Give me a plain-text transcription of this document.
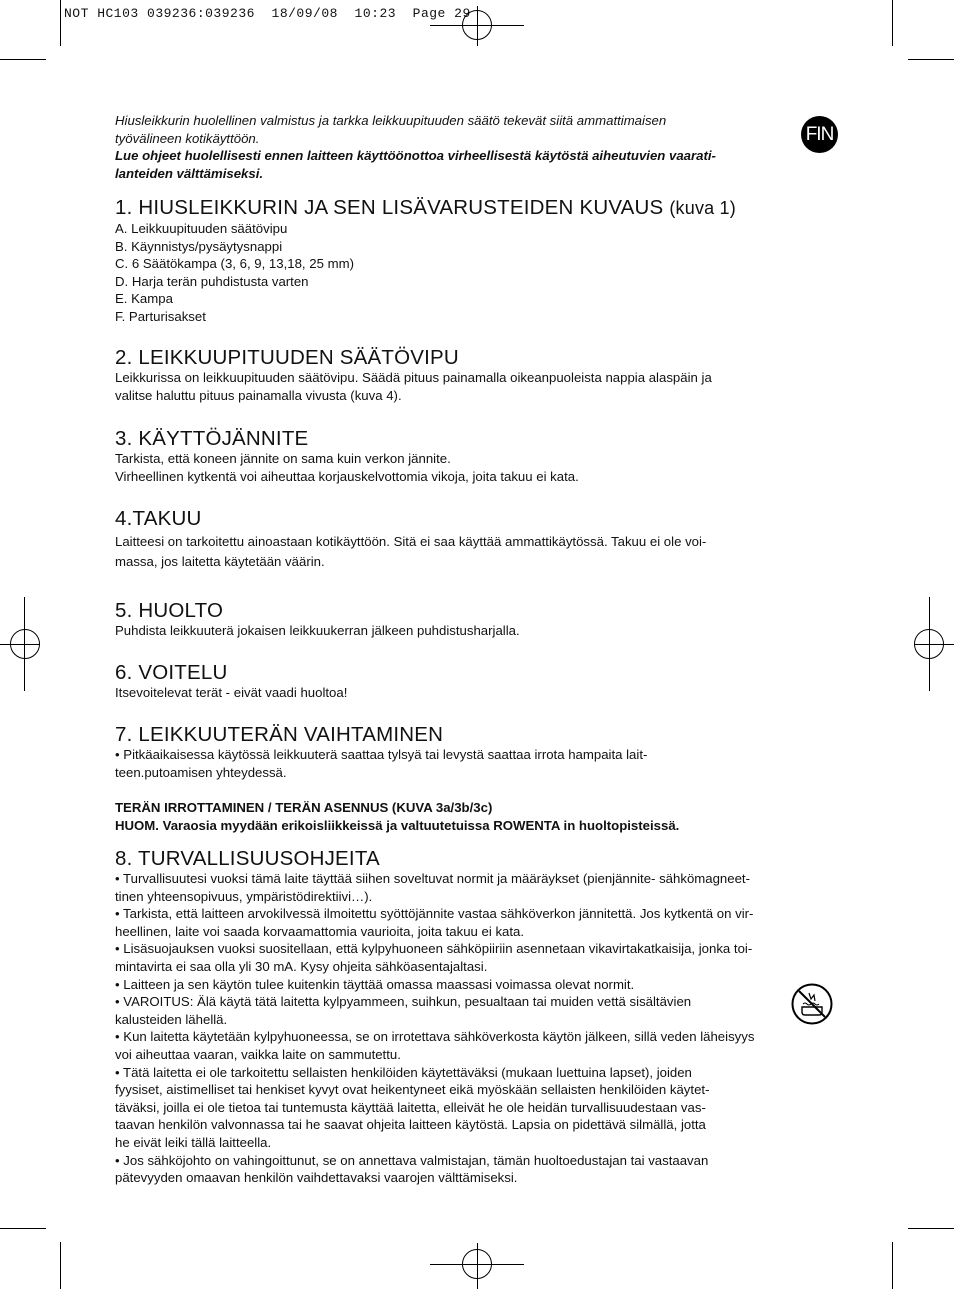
NOT HC103 039236:039236  18/09/08  10:23  Page 29
FIN
Hiusleikkurin huolellinen valmistus ja tarkka leikkuupituuden säätö tekevät siitä ammattimaisen
työvälineen kotikäyttöön.
Lue ohjeet huolellisesti ennen laitteen käyttöönottoa virheellisestä käytöstä aiheutuvien vaarati-
lanteiden välttämiseksi.
1. HIUSLEIKKURIN JA SEN LISÄVARUSTEIDEN KUVAUS (kuva 1)
A. Leikkuupituuden säätövipu
B. Käynnistys/pysäytysnappi
C. 6 Säätökampa (3, 6, 9, 13,18, 25 mm)
D. Harja terän puhdistusta varten
E. Kampa
F. Parturisakset
2. LEIKKUUPITUUDEN SÄÄTÖVIPU
Leikkurissa on leikkuupituuden säätövipu. Säädä pituus painamalla oikeanpuoleista nappia alaspäin ja
valitse haluttu pituus painamalla vivusta (kuva 4).
3. KÄYTTÖJÄNNITE
Tarkista, että koneen jännite on sama kuin verkon jännite.
Virheellinen kytkentä voi aiheuttaa korjauskelvottomia vikoja, joita takuu ei kata.
4.TAKUU
Laitteesi on tarkoitettu ainoastaan kotikäyttöön. Sitä ei saa käyttää ammattikäytössä. Takuu ei ole voi-
massa, jos laitetta käytetään väärin.
5. HUOLTO
Puhdista leikkuuterä jokaisen leikkuukerran jälkeen puhdistusharjalla.
6. VOITELU
Itsevoitelevat terät - eivät vaadi huoltoa!
7. LEIKKUUTERÄN VAIHTAMINEN
• Pitkäaikaisessa käytössä leikkuuterä saattaa tylsyä tai levystä saattaa irrota hampaita lait-
teen.putoamisen yhteydessä.
TERÄN IRROTTAMINEN / TERÄN ASENNUS (KUVA 3a/3b/3c)
HUOM. Varaosia myydään erikoisliikkeissä ja valtuutetuissa ROWENTA in huoltopisteissä.
8. TURVALLISUUSOHJEITA
• Turvallisuutesi vuoksi tämä laite täyttää siihen soveltuvat normit ja määräykset (pienjännite- sähkömagneet-
tinen yhteensopivuus, ympäristödirektiivi…).
• Tarkista, että laitteen arvokilvessä ilmoitettu syöttöjännite vastaa sähköverkon jännitettä. Jos kytkentä on vir-
heellinen, laite voi saada korvaamattomia vaurioita, joita takuu ei kata.
• Lisäsuojauksen vuoksi suositellaan, että kylpyhuoneen sähköpiiriin asennetaan vikavirtakatkaisija, jonka toi-
mintavirta ei saa olla yli 30 mA. Kysy ohjeita sähköasentajaltasi.
• Laitteen ja sen käytön tulee kuitenkin täyttää omassa maassasi voimassa olevat normit.
• VAROITUS: Älä käytä tätä laitetta kylpyammeen, suihkun, pesualtaan tai muiden vettä sisältävien
kalusteiden lähellä.
• Kun laitetta käytetään kylpyhuoneessa, se on irrotettava sähköverkosta käytön jälkeen, sillä veden läheisyys
voi aiheuttaa vaaran, vaikka laite on sammutettu.
• Tätä laitetta ei ole tarkoitettu sellaisten henkilöiden käytettäväksi (mukaan luettuina lapset), joiden
fyysiset, aistimelliset tai henkiset kyvyt ovat heikentyneet eikä myöskään sellaisten henkilöiden käytet-
täväksi, joilla ei ole tietoa tai tuntemusta käyttää laitetta, elleivät he ole heidän turvallisuudestaan vas-
taavan henkilön valvonnassa tai he saavat ohjeita laitteen käytöstä. Lapsia on pidettävä silmällä, jotta
he eivät leiki tällä laitteella.
• Jos sähköjohto on vahingoittunut, se on annettava valmistajan, tämän huoltoedustajan tai vastaavan
pätevyyden omaavan henkilön vaihdettavaksi vaarojen välttämiseksi.
